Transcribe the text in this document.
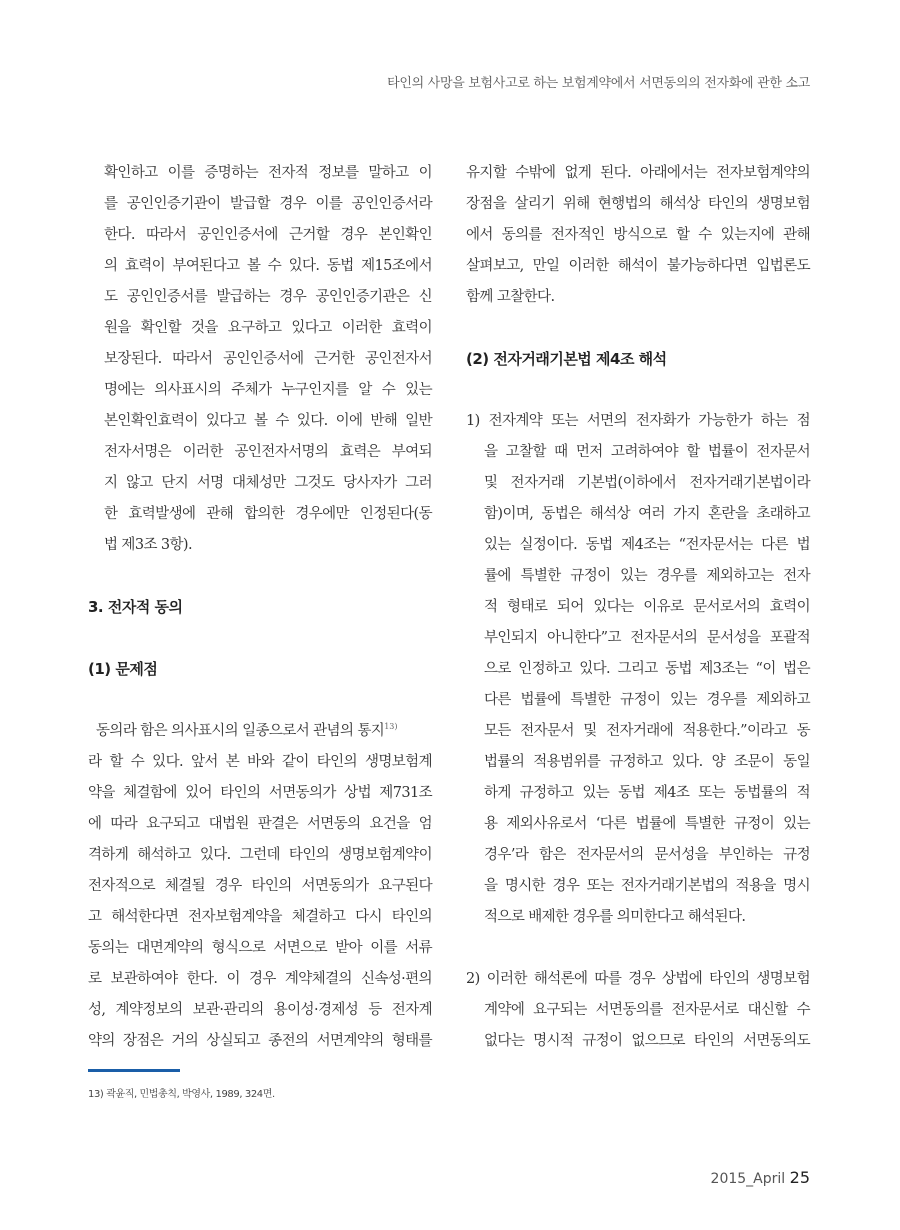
타인의 사망을 보험사고로 하는 보험계약에서 서면동의의 전자화에 관한 소고
확인하고 이를 증명하는 전자적 정보를 말하고 이
를 공인인증기관이 발급할 경우 이를 공인인증서라
한다. 따라서 공인인증서에 근거할 경우 본인확인
의 효력이 부여된다고 볼 수 있다. 동법 제15조에서
도 공인인증서를 발급하는 경우 공인인증기관은 신
원을 확인할 것을 요구하고 있다고 이러한 효력이
보장된다. 따라서 공인인증서에 근거한 공인전자서
명에는 의사표시의 주체가 누구인지를 알 수 있는
본인확인효력이 있다고 볼 수 있다. 이에 반해 일반
전자서명은 이러한 공인전자서명의 효력은 부여되
지 않고 단지 서명 대체성만 그것도 당사자가 그러
한 효력발생에 관해 합의한 경우에만 인정된다(동
법 제3조 3항).
3. 전자적 동의
(1) 문제점
동의라 함은 의사표시의 일종으로서 관념의 통지$^{13)}$
라 할 수 있다. 앞서 본 바와 같이 타인의 생명보험계
약을 체결함에 있어 타인의 서면동의가 상법 제731조
에 따라 요구되고 대법원 판결은 서면동의 요건을 엄
격하게 해석하고 있다. 그런데 타인의 생명보험계약이
전자적으로 체결될 경우 타인의 서면동의가 요구된다
고 해석한다면 전자보험계약을 체결하고 다시 타인의
동의는 대면계약의 형식으로 서면으로 받아 이를 서류
로 보관하여야 한다. 이 경우 계약체결의 신속성·편의
성, 계약정보의 보관·관리의 용이성·경제성 등 전자계
약의 장점은 거의 상실되고 종전의 서면계약의 형태를
유지할 수밖에 없게 된다. 아래에서는 전자보험계약의
장점을 살리기 위해 현행법의 해석상 타인의 생명보험
에서 동의를 전자적인 방식으로 할 수 있는지에 관해
살펴보고, 만일 이러한 해석이 불가능하다면 입법론도
함께 고찰한다.
(2) 전자거래기본법 제4조 해석
1) 전자계약 또는 서면의 전자화가 가능한가 하는 점
을 고찰할 때 먼저 고려하여야 할 법률이 전자문서
및 전자거래 기본법(이하에서 전자거래기본법이라
함)이며, 동법은 해석상 여러 가지 혼란을 초래하고
있는 실정이다. 동법 제4조는 “전자문서는 다른 법
률에 특별한 규정이 있는 경우를 제외하고는 전자
적 형태로 되어 있다는 이유로 문서로서의 효력이
부인되지 아니한다”고 전자문서의 문서성을 포괄적
으로 인정하고 있다. 그리고 동법 제3조는 “이 법은
다른 법률에 특별한 규정이 있는 경우를 제외하고
모든 전자문서 및 전자거래에 적용한다.”이라고 동
법률의 적용범위를 규정하고 있다. 양 조문이 동일
하게 규정하고 있는 동법 제4조 또는 동법률의 적
용 제외사유로서 ‘다른 법률에 특별한 규정이 있는
경우’라 함은 전자문서의 문서성을 부인하는 규정
을 명시한 경우 또는 전자거래기본법의 적용을 명시
적으로 배제한 경우를 의미한다고 해석된다.
2) 이러한 해석론에 따를 경우 상법에 타인의 생명보험
계약에 요구되는 서면동의를 전자문서로 대신할 수
없다는 명시적 규정이 없으므로 타인의 서면동의도
13) 곽윤직, 민법총칙, 박영사, 1989, 324면.
2015_April 25
